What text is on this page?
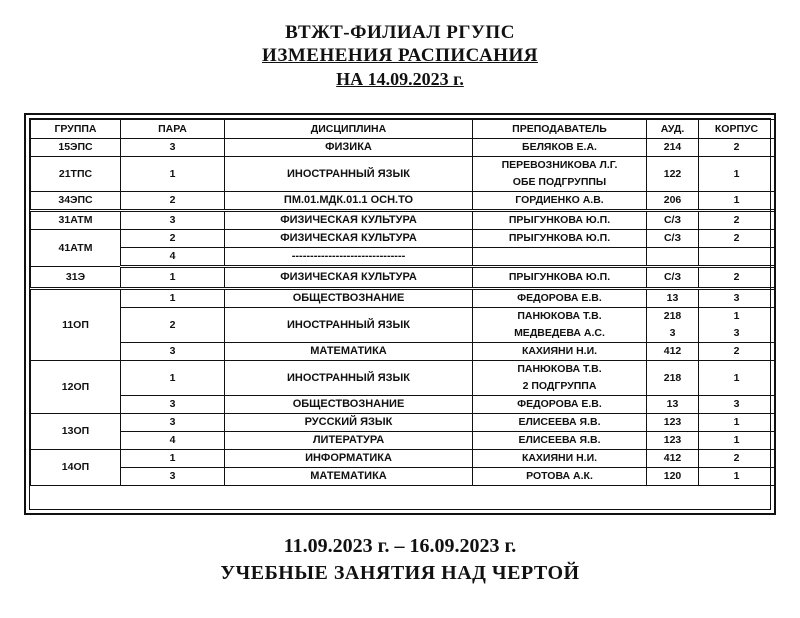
ВТЖТ-ФИЛИАЛ РГУПС
ИЗМЕНЕНИЯ РАСПИСАНИЯ
НА 14.09.2023 г.
ГРУППА	ПАРА	ДИСЦИПЛИНА	ПРЕПОДАВАТЕЛЬ	АУД.	КОРПУС
15ЭПС	3	ФИЗИКА	БЕЛЯКОВ Е.А.	214	2
21ТПС	1	ИНОСТРАННЫЙ ЯЗЫК	ПЕРЕВОЗНИКОВА Л.Г.	122	1
			ОБЕ ПОДГРУППЫ		
34ЭПС	2	ПМ.01.МДК.01.1 ОСН.ТО	ГОРДИЕНКО А.В.	206	1
31АТМ	3	ФИЗИЧЕСКАЯ КУЛЬТУРА	ПРЫГУНКОВА Ю.П.	С/З	2
41АТМ	2	ФИЗИЧЕСКАЯ КУЛЬТУРА	ПРЫГУНКОВА Ю.П.	С/З	2
	4	-------------------------------			
31Э	1	ФИЗИЧЕСКАЯ КУЛЬТУРА	ПРЫГУНКОВА Ю.П.	С/З	2
11ОП	1	ОБЩЕСТВОЗНАНИЕ	ФЕДОРОВА Е.В.	13	3
	2	ИНОСТРАННЫЙ ЯЗЫК	ПАНЮКОВА Т.В.	218	1
			МЕДВЕДЕВА А.С.	3	3
	3	МАТЕМАТИКА	КАХИЯНИ Н.И.	412	2
12ОП	1	ИНОСТРАННЫЙ ЯЗЫК	ПАНЮКОВА Т.В.	218	1
			2 ПОДГРУППА		
	3	ОБЩЕСТВОЗНАНИЕ	ФЕДОРОВА Е.В.	13	3
13ОП	3	РУССКИЙ ЯЗЫК	ЕЛИСЕЕВА Я.В.	123	1
	4	ЛИТЕРАТУРА	ЕЛИСЕЕВА Я.В.	123	1
14ОП	1	ИНФОРМАТИКА	КАХИЯНИ Н.И.	412	2
	3	МАТЕМАТИКА	РОТОВА А.К.	120	1
11.09.2023 г. – 16.09.2023 г.
УЧЕБНЫЕ ЗАНЯТИЯ НАД ЧЕРТОЙ
